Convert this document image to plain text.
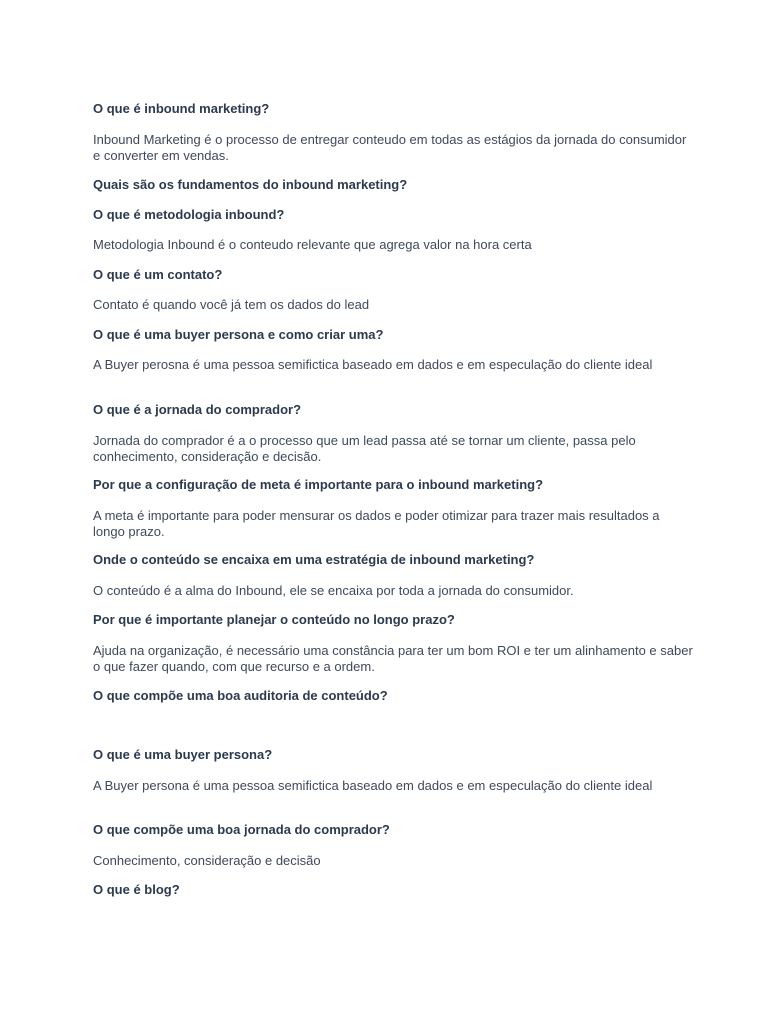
O que é inbound marketing?

Inbound Marketing é o processo de entregar conteudo em todas as estágios da jornada do consumidor e converter em vendas.

Quais são os fundamentos do inbound marketing?

O que é metodologia inbound?

Metodologia Inbound é o conteudo relevante que agrega valor na hora certa

O que é um contato?

Contato é quando você já tem os dados do lead

O que é uma buyer persona e como criar uma?

A Buyer perosna é uma pessoa semifictica baseado em dados e em especulação do cliente ideal

O que é a jornada do comprador?

Jornada do comprador é a o processo que um lead passa até se tornar um cliente, passa pelo conhecimento, consideração e decisão.

Por que a configuração de meta é importante para o inbound marketing?

A meta é importante para poder mensurar os dados e poder otimizar para trazer mais resultados a longo prazo.

Onde o conteúdo se encaixa em uma estratégia de inbound marketing?

O conteúdo é a alma do Inbound, ele se encaixa por toda a jornada do consumidor.

Por que é importante planejar o conteúdo no longo prazo?

Ajuda na organização, é necessário uma constância para ter um bom ROI e ter um alinhamento e saber o que fazer quando, com que recurso e a ordem.

O que compõe uma boa auditoria de conteúdo?

O que é uma buyer persona?

A Buyer persona é uma pessoa semifictica baseado em dados e em especulação do cliente ideal

O que compõe uma boa jornada do comprador?

Conhecimento, consideração e decisão

O que é blog?
